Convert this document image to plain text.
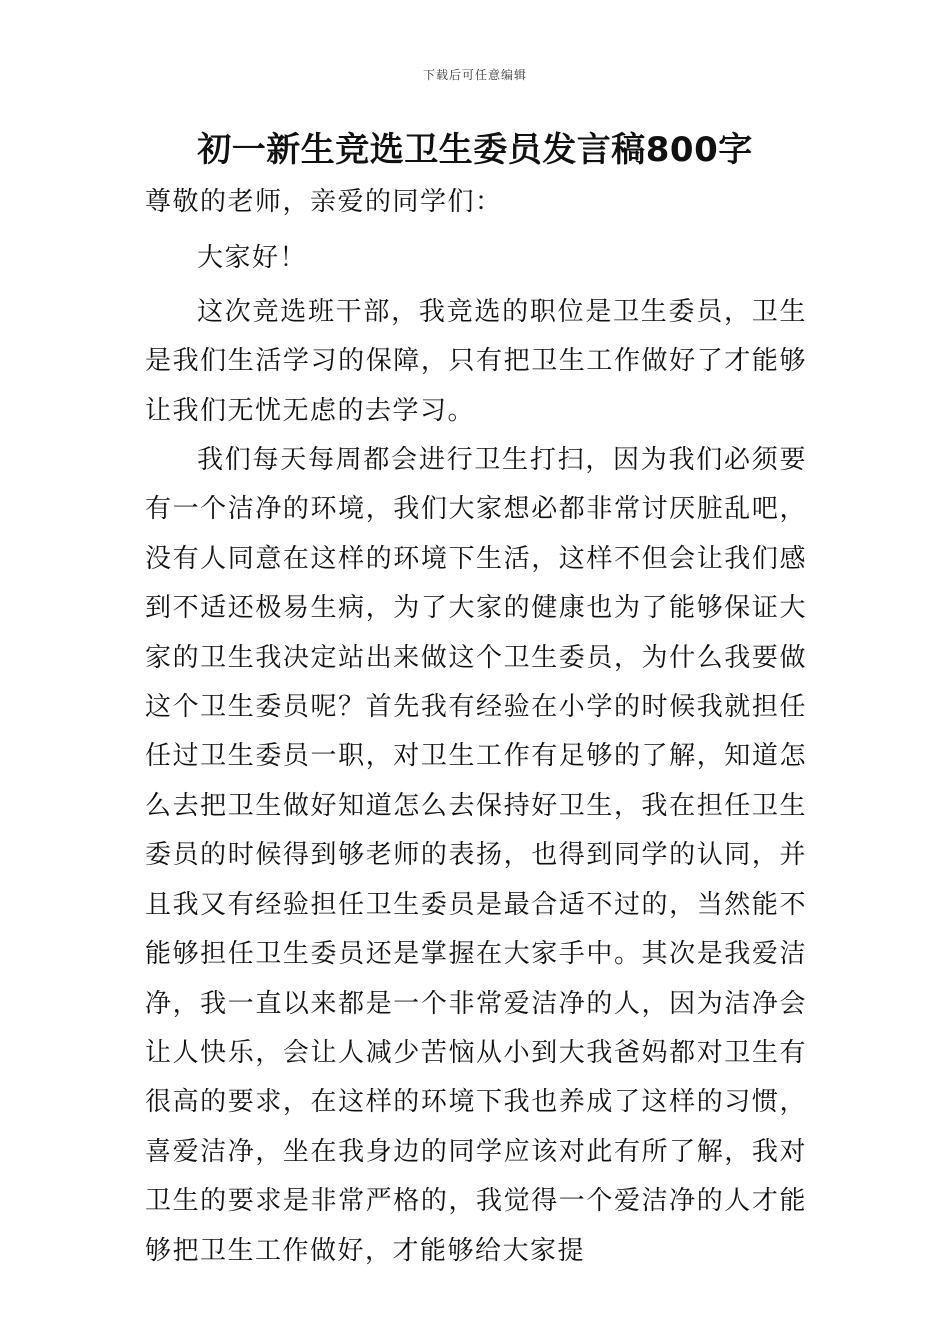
下载后可任意编辑
初一新生竞选卫生委员发言稿800字

尊敬的老师，亲爱的同学们：

大家好！

这次竞选班干部，我竞选的职位是卫生委员，卫生是我们生活学习的保障，只有把卫生工作做好了才能够让我们无忧无虑的去学习。

我们每天每周都会进行卫生打扫，因为我们必须要有一个洁净的环境，我们大家想必都非常讨厌脏乱吧，没有人同意在这样的环境下生活，这样不但会让我们感到不适还极易生病，为了大家的健康也为了能够保证大家的卫生我决定站出来做这个卫生委员，为什么我要做这个卫生委员呢？首先我有经验在小学的时候我就担任任过卫生委员一职，对卫生工作有足够的了解，知道怎么去把卫生做好知道怎么去保持好卫生，我在担任卫生委员的时候得到够老师的表扬，也得到同学的认同，并且我又有经验担任卫生委员是最合适不过的，当然能不能够担任卫生委员还是掌握在大家手中。其次是我爱洁净，我一直以来都是一个非常爱洁净的人，因为洁净会让人快乐，会让人减少苦恼从小到大我爸妈都对卫生有很高的要求，在这样的环境下我也养成了这样的习惯，喜爱洁净，坐在我身边的同学应该对此有所了解，我对卫生的要求是非常严格的，我觉得一个爱洁净的人才能够把卫生工作做好，才能够给大家提
